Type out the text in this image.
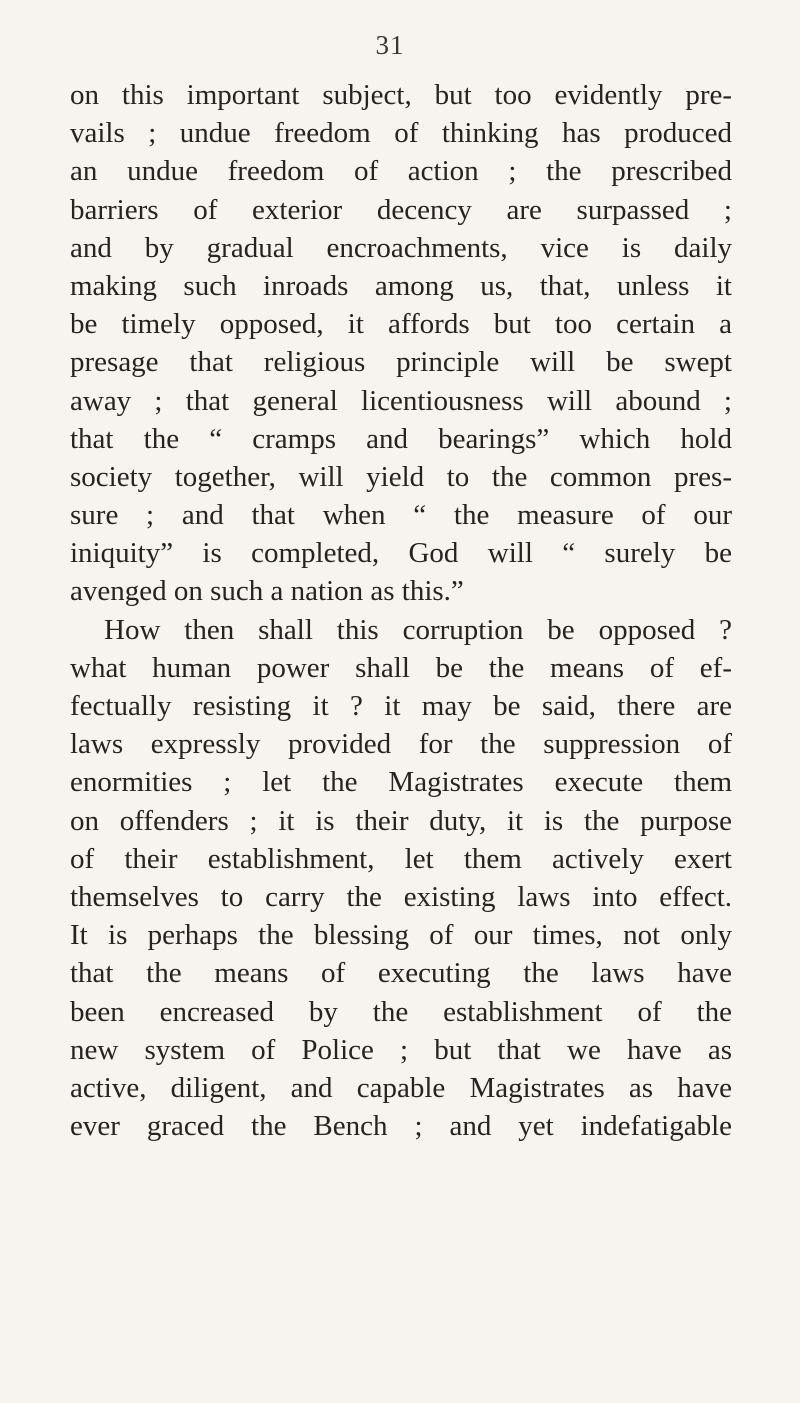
31
on this important subject, but too evidently pre-
vails ; undue freedom of thinking has produced
an undue freedom of action ; the prescribed
barriers of exterior decency are surpassed ;
and by gradual encroachments, vice is daily
making such inroads among us, that, unless it
be timely opposed, it affords but too certain a
presage that religious principle will be swept
away ; that general licentiousness will abound ;
that the “ cramps and bearings” which hold
society together, will yield to the common pres-
sure ; and that when “ the measure of our
iniquity” is completed, God will “ surely be
avenged on such a nation as this.”
How then shall this corruption be opposed ?
what human power shall be the means of ef-
fectually resisting it ? it may be said, there are
laws expressly provided for the suppression of
enormities ; let the Magistrates execute them
on offenders ; it is their duty, it is the purpose
of their establishment, let them actively exert
themselves to carry the existing laws into effect.
It is perhaps the blessing of our times, not only
that the means of executing the laws have
been encreased by the establishment of the
new system of Police ; but that we have as
active, diligent, and capable Magistrates as have
ever graced the Bench ; and yet indefatigable
